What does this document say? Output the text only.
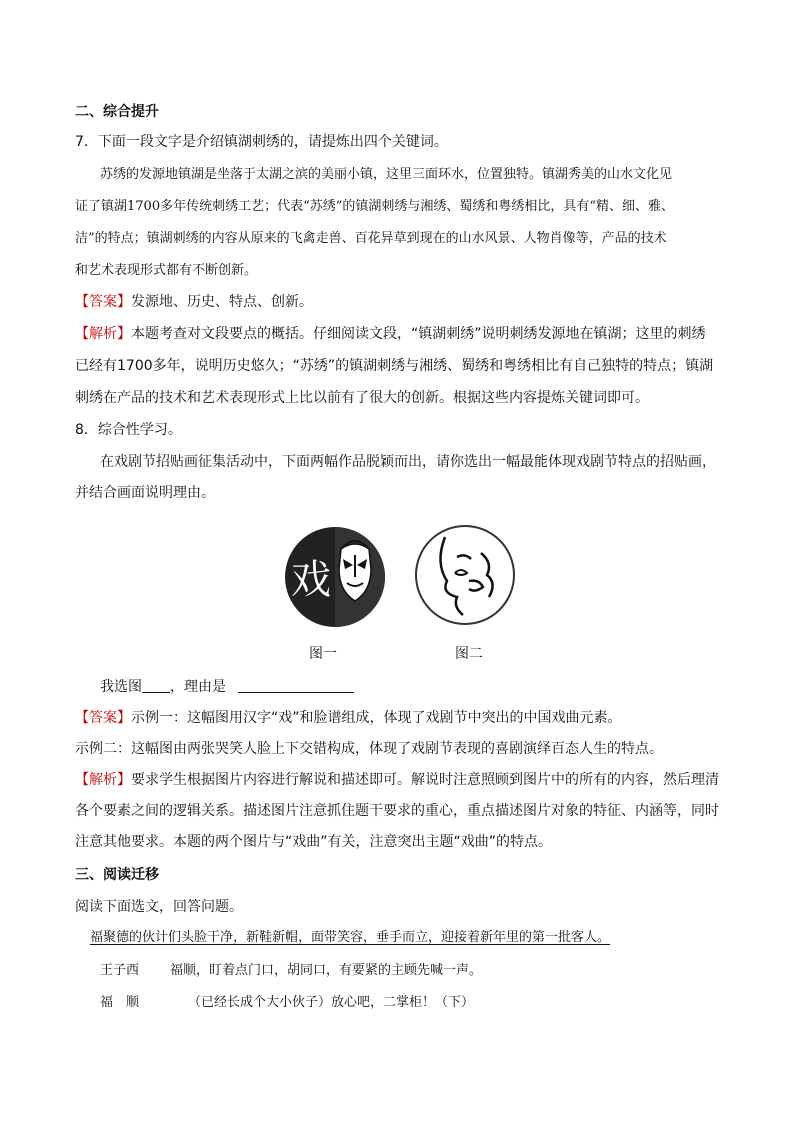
二、综合提升
7．下面一段文字是介绍镇湖刺绣的，请提炼出四个关键词。
苏绣的发源地镇湖是坐落于太湖之滨的美丽小镇，这里三面环水，位置独特。镇湖秀美的山水文化见
证了镇湖1700多年传统刺绣工艺；代表“苏绣”的镇湖刺绣与湘绣、蜀绣和粤绣相比，具有“精、细、雅、
洁”的特点；镇湖刺绣的内容从原来的飞禽走兽、百花异草到现在的山水风景、人物肖像等，产品的技术
和艺术表现形式都有不断创新。
【答案】发源地、历史、特点、创新。
【解析】本题考查对文段要点的概括。仔细阅读文段，“镇湖刺绣”说明刺绣发源地在镇湖；这里的刺绣
已经有1700多年，说明历史悠久；“苏绣”的镇湖刺绣与湘绣、蜀绣和粤绣相比有自己独特的特点；镇湖
刺绣在产品的技术和艺术表现形式上比以前有了很大的创新。根据这些内容提炼关键词即可。
8．综合性学习。
在戏剧节招贴画征集活动中，下面两幅作品脱颖而出，请你选出一幅最能体现戏剧节特点的招贴画，
并结合画面说明理由。
戏
图一	图二
我选图 ，理由是
【答案】示例一：这幅图用汉字“戏”和脸谱组成，体现了戏剧节中突出的中国戏曲元素。
示例二：这幅图由两张哭笑人脸上下交错构成，体现了戏剧节表现的喜剧演绎百态人生的特点。
【解析】要求学生根据图片内容进行解说和描述即可。解说时注意照顾到图片中的所有的内容，然后理清
各个要素之间的逻辑关系。描述图片注意抓住题干要求的重心，重点描述图片对象的特征、内涵等，同时
注意其他要求。本题的两个图片与“戏曲”有关，注意突出主题“戏曲”的特点。
三、阅读迁移
阅读下面选文，回答问题。
福聚德的伙计们头脸干净，新鞋新帽，面带笑容，垂手而立，迎接着新年里的第一批客人。
王子西 福顺，盯着点门口，胡同口，有要紧的主顾先喊一声。
福　顺	（已经长成个大小伙子）放心吧，二掌柜！（下）
